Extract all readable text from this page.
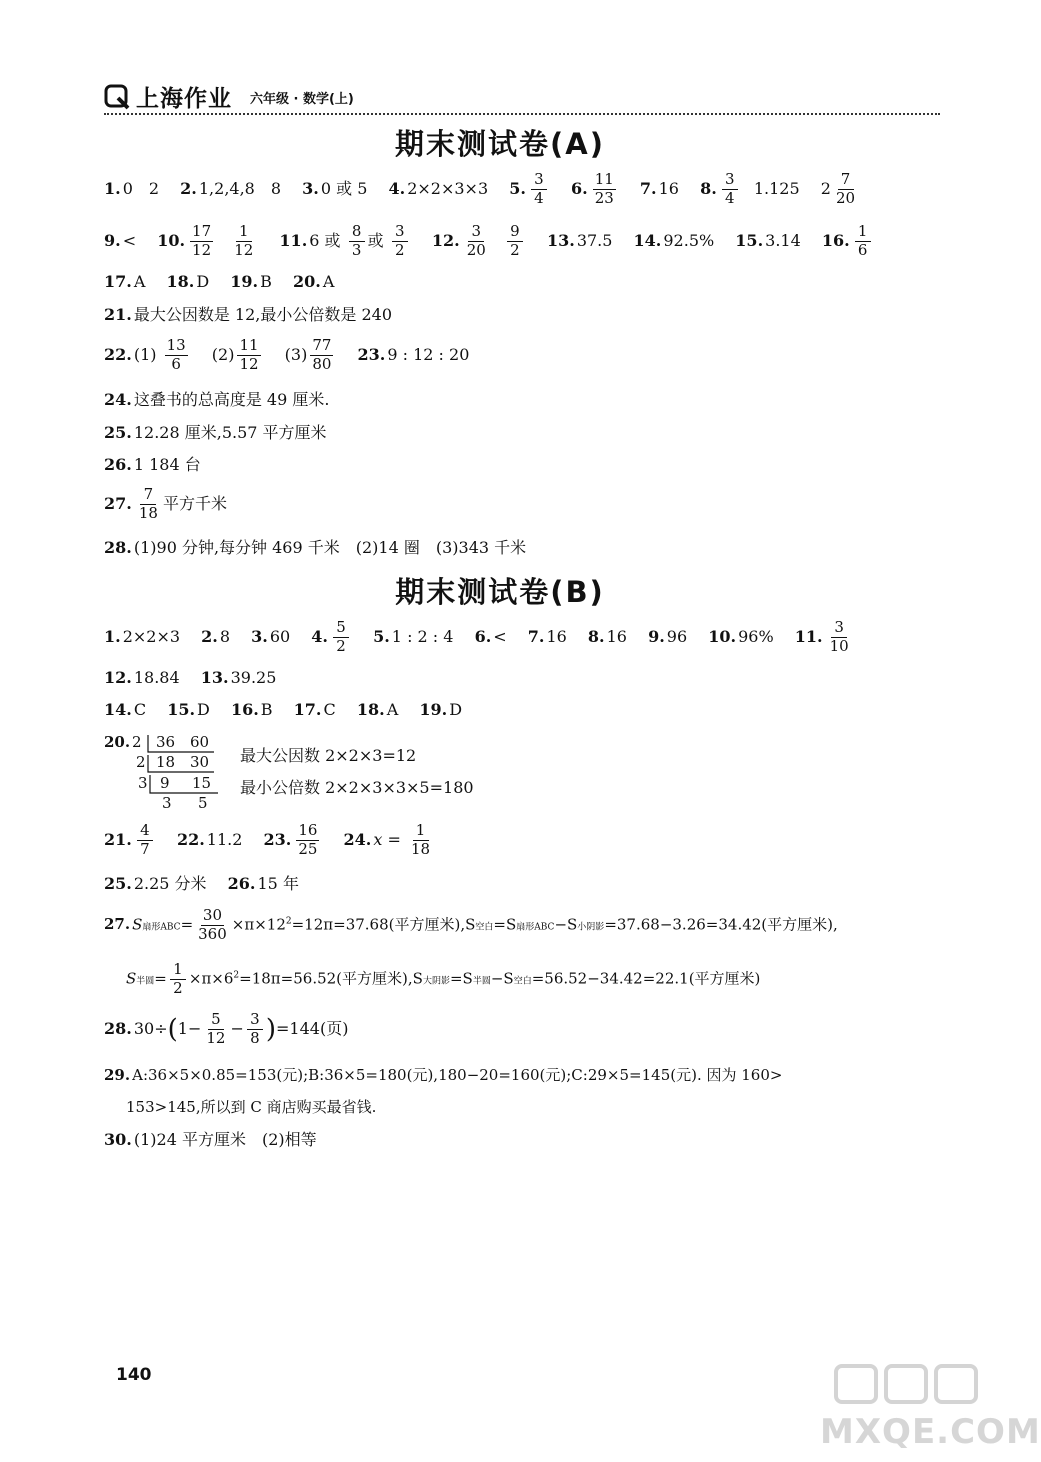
上海作业 六年级 · 数学(上)
期末测试卷(A)
1. 0　2 2. 1,2,4,8　8 3. 0 或 5 4. 2×2×3×3 5. $\frac{3}{4} 6$. $\frac{11}{23} 7$. 16 8. $\frac{3}{4} 1.125$ $2 \frac{7}{20}$
9. < 10. $\frac{17}{12}$
$\frac{1}{12} 11$. 6 或 $\frac{8}{3}$ 或 $\frac{3}{2} 12$. $\frac{3}{20}$
$\frac{9}{2} 13$. 37.5 14. 92.5% 15. 3.14 16. $\frac{1}{6}$
17. A 18. D 19. B 20. A
21. 最大公因数是 12,最小公倍数是 240
22. $(1) \frac{13}{6} (2) \frac{11}{12} (3) \frac{77}{80} 23$. 9 : 12 : 20
24. 这叠书的总高度是 49 厘米.
25. 12.28 厘米,5.57 平方厘米
26. 1 184 台
27. $\frac{7}{18}$ 平方千米
28. (1)90 分钟,每分钟 469 千米　(2)14 圈　(3)343 千米
期末测试卷(B)
1. 2×2×3 2. 8 3. 60 4. $\frac{5}{2} 5$. 1 : 2 : 4 6. < 7. 16 8. 16 9. 96 10. 96% 11. $\frac{3}{10}$
12. 18.84 13. 39.25
14. C 15. D 16. B 17. C 18. A 19. D
20. 2 36 60
2 18 30
3 9 15
3 5
最大公因数 2×2×3=12
最小公倍数 2×2×3×3×5=180
21. $\frac{4}{7} 22$. 11.2 23. $\frac{16}{25} 24$. $x = \frac{1}{18}$
25. 2.25 分米 26. 15 年
27. S扇形$ABC= \frac{30}{360} \times\pi\times 12^2=12\pi=37.68$(平方厘米),S空白=S扇形ABC−S小阴影=37.68−3.26=34.42(平方厘米),
S半圆= $\frac{1}{2} \times\pi\times 6^2=18\pi=56.52$(平方厘米),S大阴影=S半圆−S空白=56.52−34.42=22.1(平方厘米)
28. $30\div(1- \frac{5}{12} - \frac{3}{8} )=144$(页)
29. A:36×5×0.85=153(元);B:36×5=180(元),180−20=160(元);C:29×5=145(元). 因为 160>
153>145,所以到 C 商店购买最省钱.
30. (1)24 平方厘米　(2)相等
140
MXQE.COM
